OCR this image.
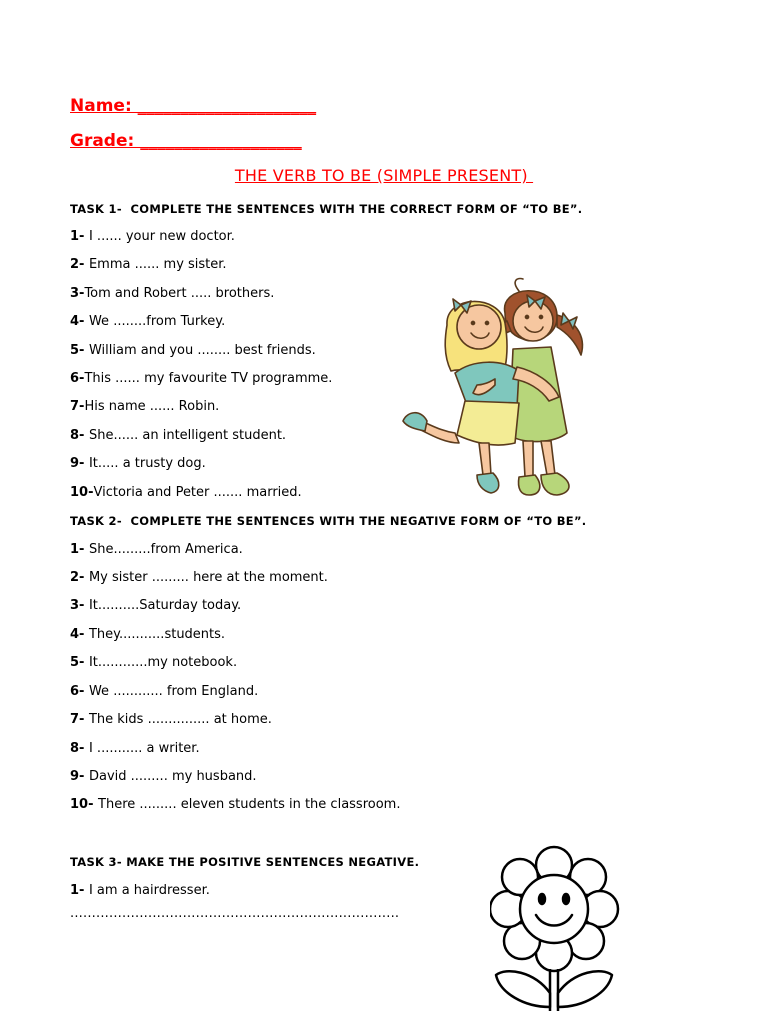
Name: _____________________
Grade: ___________________
THE VERB TO BE (SIMPLE PRESENT)
TASK 1-  COMPLETE THE SENTENCES WITH THE CORRECT FORM OF “TO BE”.
1- I ...... your new doctor.
2- Emma ...... my sister.
3-Tom and Robert ..... brothers.
4- We ........from Turkey.
5- William and you ........ best friends.
6-This ...... my favourite TV programme.
7-His name ...... Robin.
8- She...... an intelligent student.
9- It..... a trusty dog.
10-Victoria and Peter ....... married.
TASK 2-  COMPLETE THE SENTENCES WITH THE NEGATIVE FORM OF “TO BE”.
1- She.........from America.
2- My sister ......... here at the moment.
3- It..........Saturday today.
4- They...........students.
5- It............my notebook.
6- We ............ from England.
7- The kids ............... at home.
8- I ........... a writer.
9- David ......... my husband.
10- There ......... eleven students in the classroom.
TASK 3- MAKE THE POSITIVE SENTENCES NEGATIVE.
1- I am a hairdresser.
............................................................................
